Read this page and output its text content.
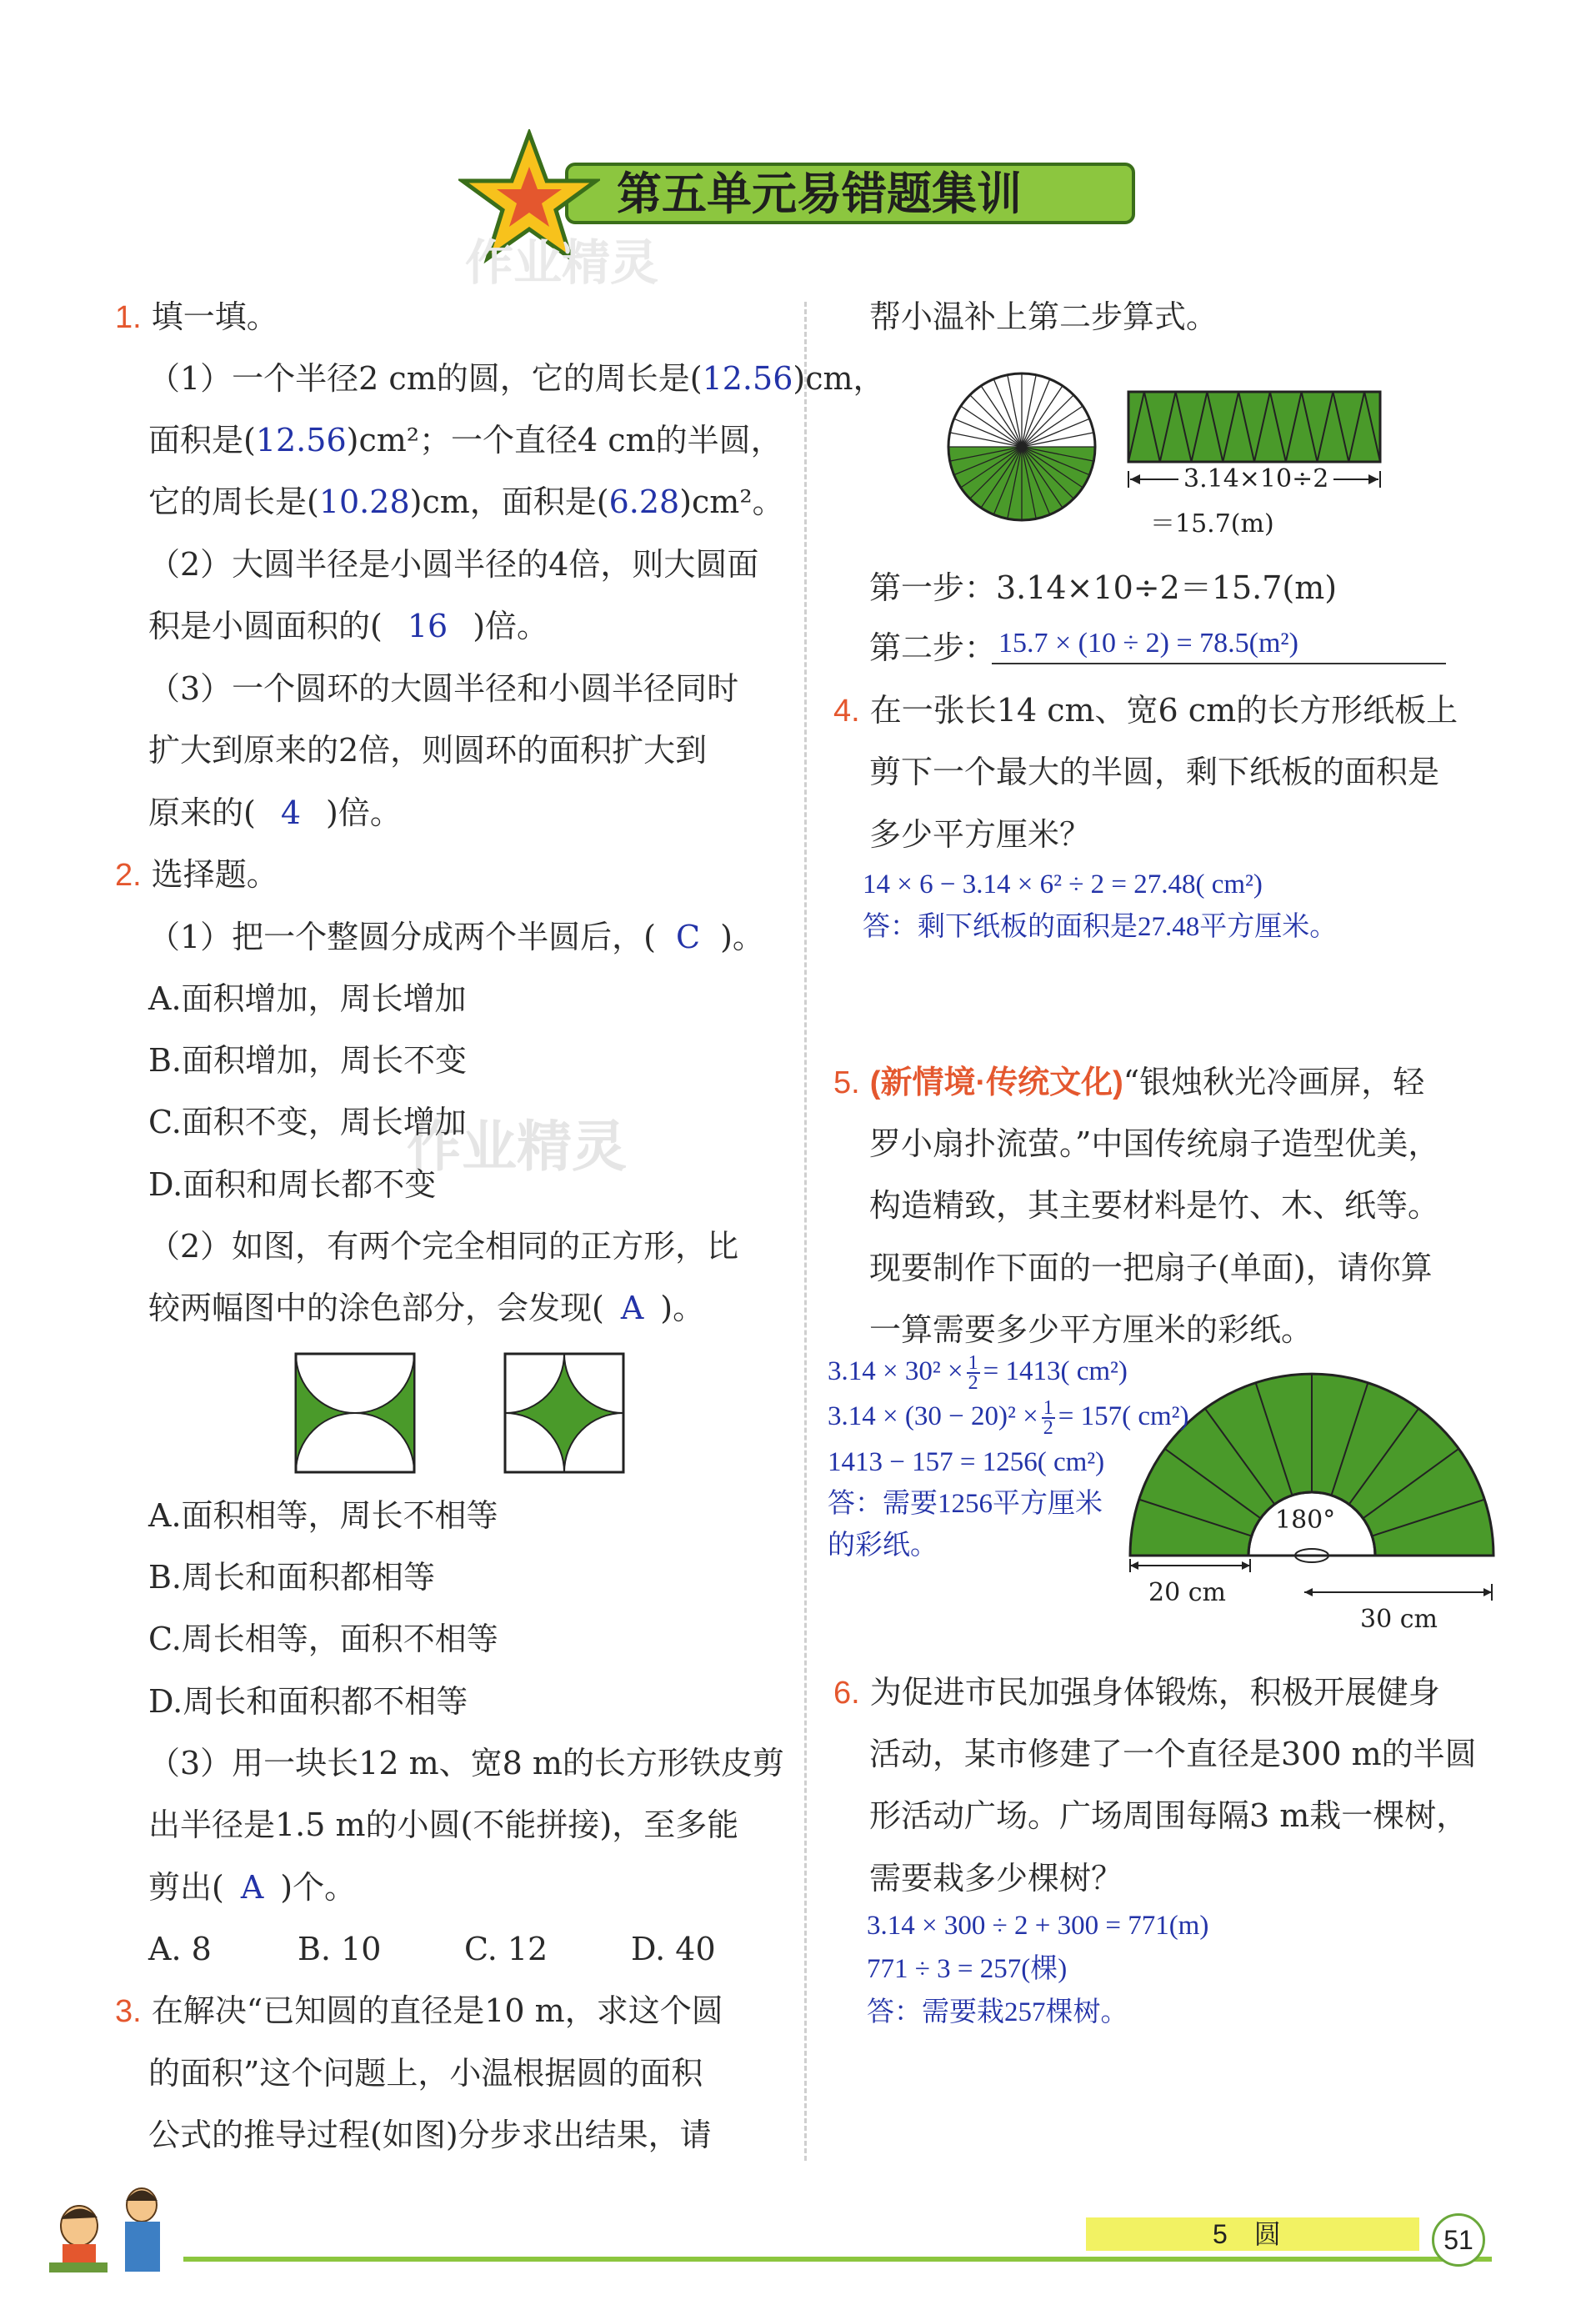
第五单元易错题集训
作业精灵
作业精灵
1. 填一填。
（1）一个半径2 cm的圆，它的周长是(12.56)cm，
面积是(12.56)cm²；一个直径4 cm的半圆，
它的周长是(10.28)cm，面积是(6.28)cm²。
（2）大圆半径是小圆半径的4倍，则大圆面
积是小圆面积的( 16 )倍。
（3）一个圆环的大圆半径和小圆半径同时
扩大到原来的2倍，则圆环的面积扩大到
原来的( 4 )倍。
2. 选择题。
（1）把一个整圆分成两个半圆后，( C )。
A.面积增加，周长增加
B.面积增加，周长不变
C.面积不变，周长增加
D.面积和周长都不变
（2）如图，有两个完全相同的正方形，比
较两幅图中的涂色部分，会发现( A )。
A.面积相等，周长不相等
B.周长和面积都相等
C.周长相等，面积不相等
D.周长和面积都不相等
（3）用一块长12 m、宽8 m的长方形铁皮剪
出半径是1.5 m的小圆(不能拼接)，至多能
剪出( A )个。
A. 8	B. 10	C. 12	D. 40
3. 在解决“已知圆的直径是10 m，求这个圆
的面积”这个问题上，小温根据圆的面积
公式的推导过程(如图)分步求出结果，请
帮小温补上第二步算式。
3.14×10÷2
＝15.7(m)
第一步：3.14×10÷2＝15.7(m)
第二步： 15.7 × (10 ÷ 2) = 78.5(m²)
4. 在一张长14 cm、宽6 cm的长方形纸板上
剪下一个最大的半圆，剩下纸板的面积是
多少平方厘米？
14 × 6 − 3.14 × 6² ÷ 2 = 27.48( cm²)
答：剩下纸板的面积是27.48平方厘米。
5. (新情境·传统文化)“银烛秋光冷画屏，轻
罗小扇扑流萤。”中国传统扇子造型优美，
构造精致，其主要材料是竹、木、纸等。
现要制作下面的一把扇子(单面)，请你算
一算需要多少平方厘米的彩纸。
180°
20 cm
30 cm
$3.14 \times 30^2 \times \frac{1}{2} = 1413$( cm²)
$3.14 \times (30 - 20)^2 \times \frac{1}{2} = 157$( cm²)
1413 − 157 = 1256( cm²)
答：需要1256平方厘米
的彩纸。
6. 为促进市民加强身体锻炼，积极开展健身
活动，某市修建了一个直径是300 m的半圆
形活动广场。广场周围每隔3 m栽一棵树，
需要栽多少棵树？
3.14 × 300 ÷ 2 + 300 = 771(m)
771 ÷ 3 = 257(棵)
答：需要栽257棵树。
5　圆	51
